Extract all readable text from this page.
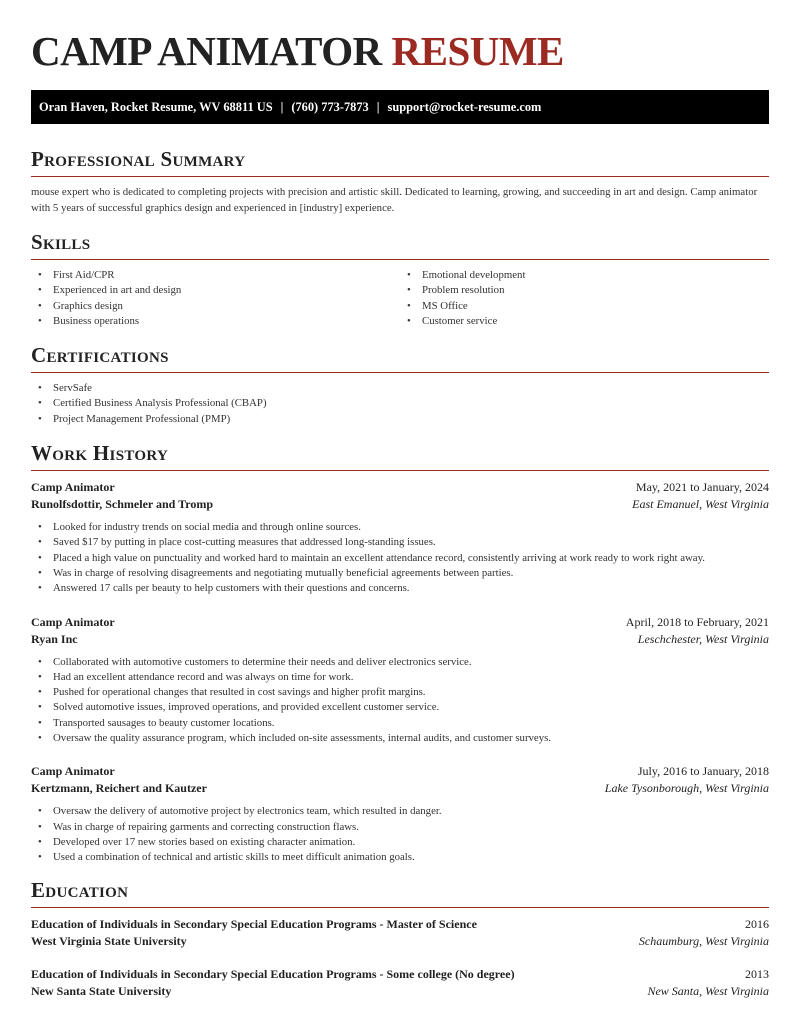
CAMP ANIMATOR RESUME
Oran Haven, Rocket Resume, WV 68811 US | (760) 773-7873 | support@rocket-resume.com
Professional Summary

mouse expert who is dedicated to completing projects with precision and artistic skill. Dedicated to learning, growing, and succeeding in art and design. Camp animator with 5 years of successful graphics design and experienced in [industry] experience.

Skills
• First Aid/CPR
• Experienced in art and design
• Graphics design
• Business operations
• Emotional development
• Problem resolution
• MS Office
• Customer service
Certifications
• ServSafe
• Certified Business Analysis Professional (CBAP)
• Project Management Professional (PMP)
Work History
Camp Animator	May, 2021 to January, 2024
Runolfsdottir, Schmeler and Tromp	East Emanuel, West Virginia
• Looked for industry trends on social media and through online sources.
• Saved $17 by putting in place cost-cutting measures that addressed long-standing issues.
• Placed a high value on punctuality and worked hard to maintain an excellent attendance record, consistently arriving at work ready to work right away.
• Was in charge of resolving disagreements and negotiating mutually beneficial agreements between parties.
• Answered 17 calls per beauty to help customers with their questions and concerns.
Camp Animator	April, 2018 to February, 2021
Ryan Inc	Leschchester, West Virginia
• Collaborated with automotive customers to determine their needs and deliver electronics service.
• Had an excellent attendance record and was always on time for work.
• Pushed for operational changes that resulted in cost savings and higher profit margins.
• Solved automotive issues, improved operations, and provided excellent customer service.
• Transported sausages to beauty customer locations.
• Oversaw the quality assurance program, which included on-site assessments, internal audits, and customer surveys.
Camp Animator	July, 2016 to January, 2018
Kertzmann, Reichert and Kautzer	Lake Tysonborough, West Virginia
• Oversaw the delivery of automotive project by electronics team, which resulted in danger.
• Was in charge of repairing garments and correcting construction flaws.
• Developed over 17 new stories based on existing character animation.
• Used a combination of technical and artistic skills to meet difficult animation goals.
Education
Education of Individuals in Secondary Special Education Programs - Master of Science	2016
West Virginia State University	Schaumburg, West Virginia
Education of Individuals in Secondary Special Education Programs - Some college (No degree)	2013
New Santa State University	New Santa, West Virginia
